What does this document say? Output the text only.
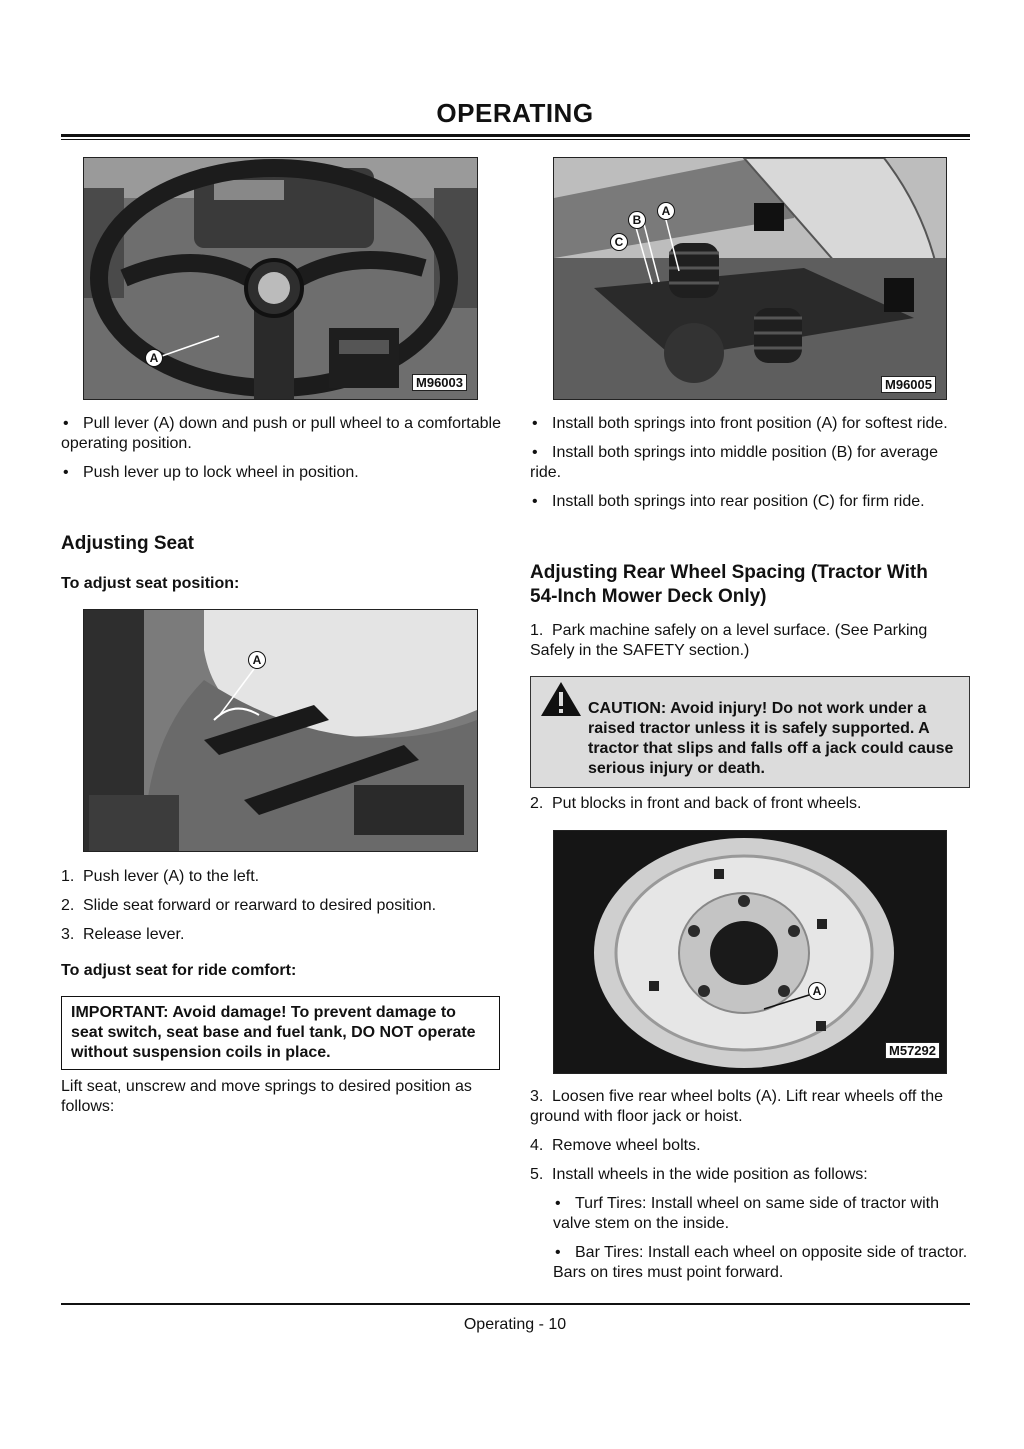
OPERATING
A
M96003
C
B
A
M96005

• Pull lever (A) down and push or pull wheel to a comfortable operating position.

• Push lever up to lock wheel in position.

Adjusting Seat
To adjust seat position:
A

1. Push lever (A) to the left.

2. Slide seat forward or rearward to desired position.

3. Release lever.

To adjust seat for ride comfort:
IMPORTANT: Avoid damage! To prevent damage to seat switch, seat base and fuel tank, DO NOT operate without suspension coils in place.
Lift seat, unscrew and move springs to desired position as follows:

• Install both springs into front position (A) for softest ride.

• Install both springs into middle position (B) for average ride.

• Install both springs into rear position (C) for firm ride.

Adjusting Rear Wheel Spacing (Tractor With 54-Inch Mower Deck Only)
1. Park machine safely on a level surface. (See Parking Safely in the SAFETY section.)
CAUTION: Avoid injury! Do not work under a raised tractor unless it is safely supported. A tractor that slips and falls off a jack could cause serious injury or death.
2. Put blocks in front and back of front wheels.
A
M57292

3. Loosen five rear wheel bolts (A). Lift rear wheels off the ground with floor jack or hoist.

4. Remove wheel bolts.

5. Install wheels in the wide position as follows:

• Turf Tires: Install wheel on same side of tractor with valve stem on the inside.

• Bar Tires: Install each wheel on opposite side of tractor. Bars on tires must point forward.

Operating - 10
